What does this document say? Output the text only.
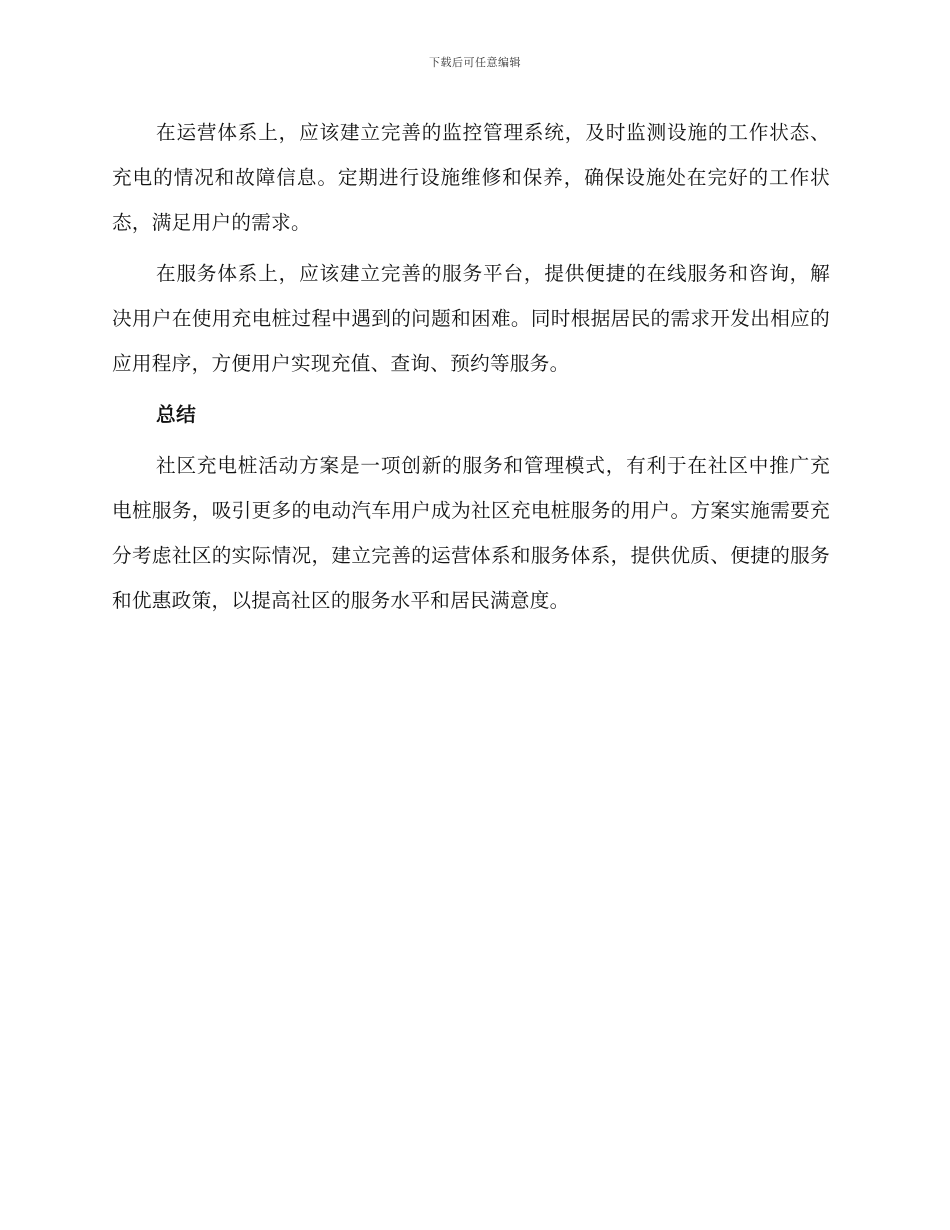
下载后可任意编辑

在运营体系上，应该建立完善的监控管理系统，及时监测设施的工作状态、充电的情况和故障信息。定期进行设施维修和保养，确保设施处在完好的工作状态，满足用户的需求。

在服务体系上，应该建立完善的服务平台，提供便捷的在线服务和咨询，解决用户在使用充电桩过程中遇到的问题和困难。同时根据居民的需求开发出相应的应用程序，方便用户实现充值、查询、预约等服务。

总结

社区充电桩活动方案是一项创新的服务和管理模式，有利于在社区中推广充电桩服务，吸引更多的电动汽车用户成为社区充电桩服务的用户。方案实施需要充分考虑社区的实际情况，建立完善的运营体系和服务体系，提供优质、便捷的服务和优惠政策，以提高社区的服务水平和居民满意度。
